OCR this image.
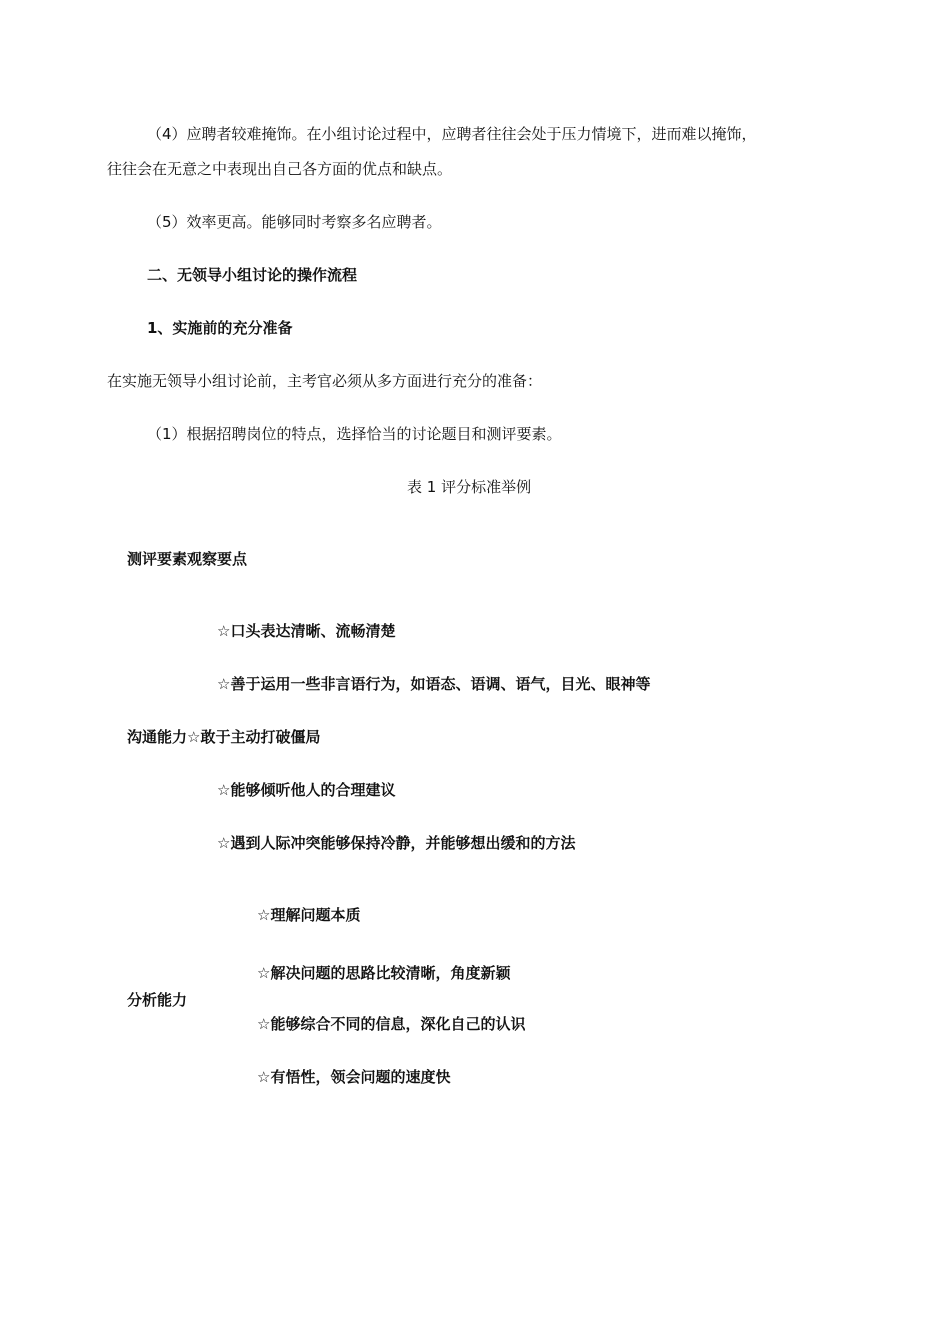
（4）应聘者较难掩饰。在小组讨论过程中，应聘者往往会处于压力情境下，进而难以掩饰，
往往会在无意之中表现出自己各方面的优点和缺点。
（5）效率更高。能够同时考察多名应聘者。
二、无领导小组讨论的操作流程
1、实施前的充分准备
在实施无领导小组讨论前，主考官必须从多方面进行充分的准备：
（1）根据招聘岗位的特点，选择恰当的讨论题目和测评要素。
表 1 评分标准举例
测评要素观察要点
☆口头表达清晰、流畅清楚
☆善于运用一些非言语行为，如语态、语调、语气，目光、眼神等
沟通能力☆敢于主动打破僵局
☆能够倾听他人的合理建议
☆遇到人际冲突能够保持冷静，并能够想出缓和的方法
☆理解问题本质
☆解决问题的思路比较清晰，角度新颖
分析能力
☆能够综合不同的信息，深化自己的认识
☆有悟性，领会问题的速度快
